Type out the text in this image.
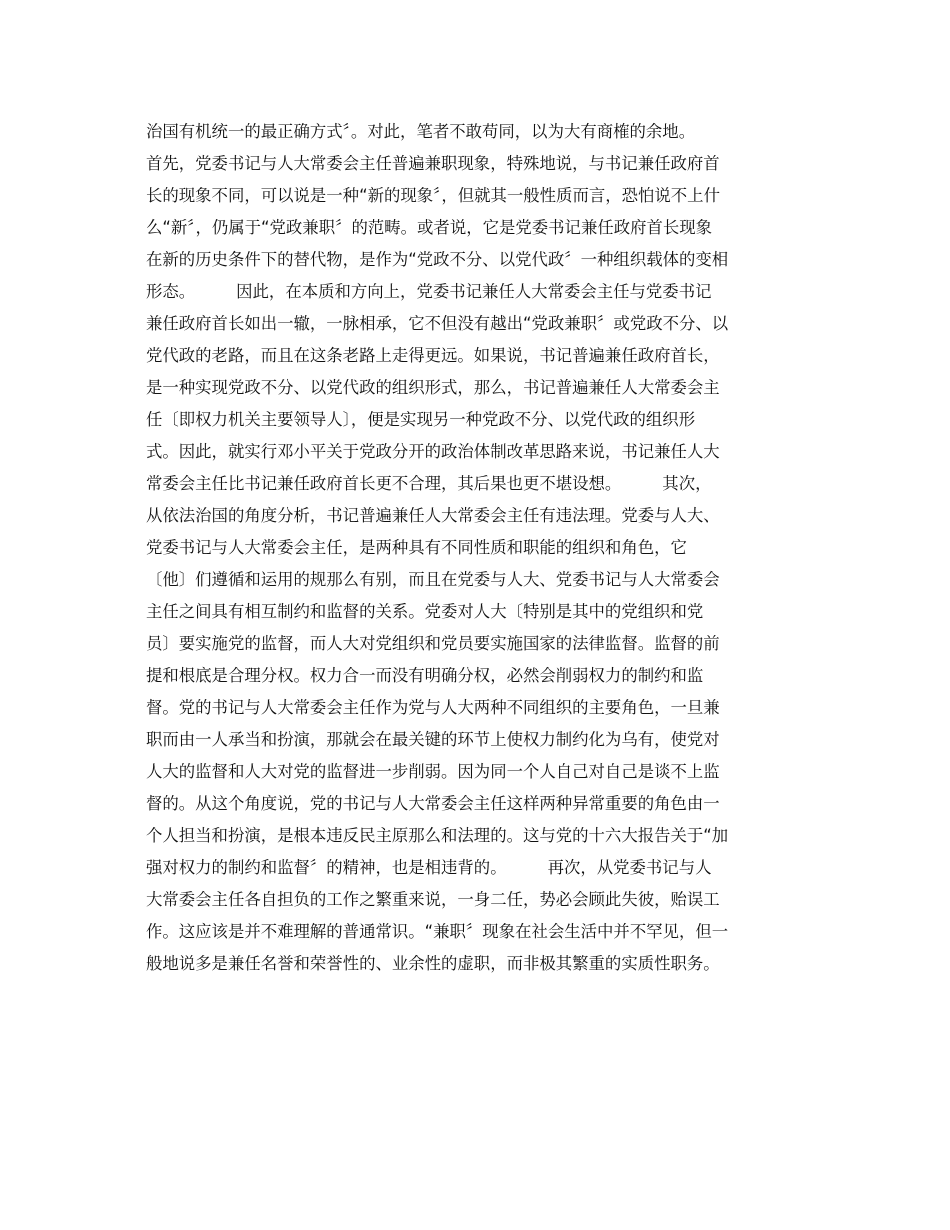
治国有机统一的最正确方式〞。对此，笔者不敢苟同，以为大有商榷的余地。
首先，党委书记与人大常委会主任普遍兼职现象，特殊地说，与书记兼任政府首
长的现象不同，可以说是一种“新的现象〞，但就其一般性质而言，恐怕说不上什
么“新〞，仍属于“党政兼职〞的范畴。或者说，它是党委书记兼任政府首长现象
在新的历史条件下的替代物，是作为“党政不分、以党代政〞一种组织载体的变相
形态。　　　因此，在本质和方向上，党委书记兼任人大常委会主任与党委书记
兼任政府首长如出一辙，一脉相承，它不但没有越出“党政兼职〞或党政不分、以
党代政的老路，而且在这条老路上走得更远。如果说，书记普遍兼任政府首长，
是一种实现党政不分、以党代政的组织形式，那么，书记普遍兼任人大常委会主
任〔即权力机关主要领导人〕，便是实现另一种党政不分、以党代政的组织形
式。因此，就实行邓小平关于党政分开的政治体制改革思路来说，书记兼任人大
常委会主任比书记兼任政府首长更不合理，其后果也更不堪设想。　　　其次，
从依法治国的角度分析，书记普遍兼任人大常委会主任有违法理。党委与人大、
党委书记与人大常委会主任，是两种具有不同性质和职能的组织和角色，它
〔他〕们遵循和运用的规那么有别，而且在党委与人大、党委书记与人大常委会
主任之间具有相互制约和监督的关系。党委对人大〔特别是其中的党组织和党
员〕要实施党的监督，而人大对党组织和党员要实施国家的法律监督。监督的前
提和根底是合理分权。权力合一而没有明确分权，必然会削弱权力的制约和监
督。党的书记与人大常委会主任作为党与人大两种不同组织的主要角色，一旦兼
职而由一人承当和扮演，那就会在最关键的环节上使权力制约化为乌有，使党对
人大的监督和人大对党的监督进一步削弱。因为同一个人自己对自己是谈不上监
督的。从这个角度说，党的书记与人大常委会主任这样两种异常重要的角色由一
个人担当和扮演，是根本违反民主原那么和法理的。这与党的十六大报告关于“加
强对权力的制约和监督〞的精神，也是相违背的。　　　再次，从党委书记与人
大常委会主任各自担负的工作之繁重来说，一身二任，势必会顾此失彼，贻误工
作。这应该是并不难理解的普通常识。“兼职〞现象在社会生活中并不罕见，但一
般地说多是兼任名誉和荣誉性的、业余性的虚职，而非极其繁重的实质性职务。
